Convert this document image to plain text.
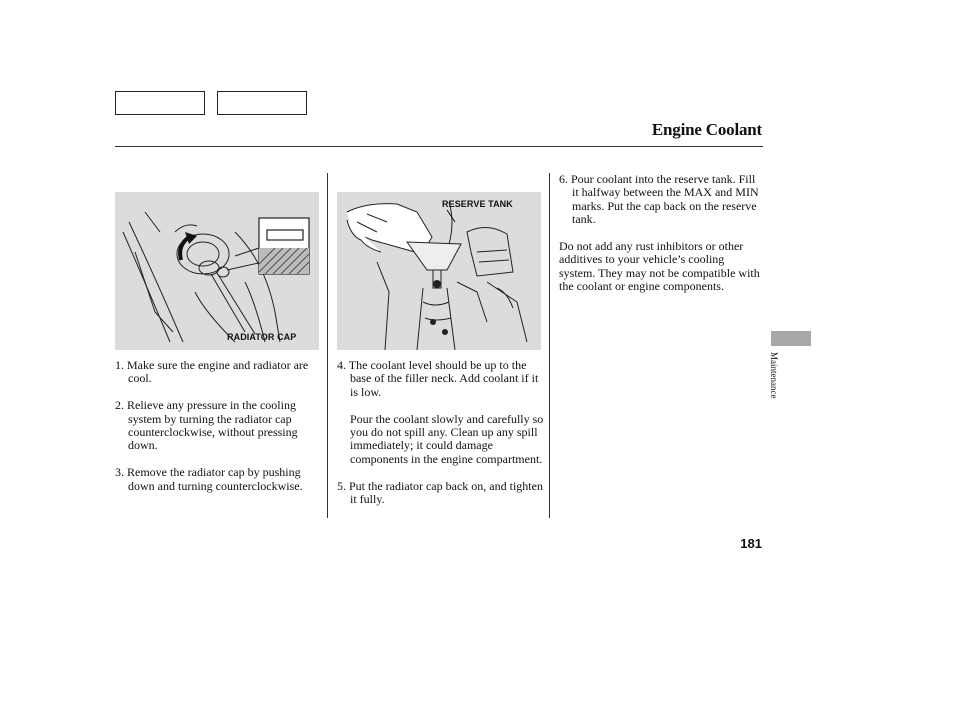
Engine Coolant
RADIATOR CAP
RESERVE TANK

1. Make sure the engine and radiator are cool.

2. Relieve any pressure in the cooling system by turning the radiator cap counterclockwise, without pressing down.

3. Remove the radiator cap by pushing down and turning counterclockwise.

4. The coolant level should be up to the base of the filler neck. Add coolant if it is low.

Pour the coolant slowly and carefully so you do not spill any. Clean up any spill immediately; it could damage components in the engine compartment.

5. Put the radiator cap back on, and tighten it fully.

6. Pour coolant into the reserve tank. Fill it halfway between the MAX and MIN marks. Put the cap back on the reserve tank.

Do not add any rust inhibitors or other additives to your vehicle’s cooling system. They may not be compatible with the coolant or engine components.

Maintenance
181
